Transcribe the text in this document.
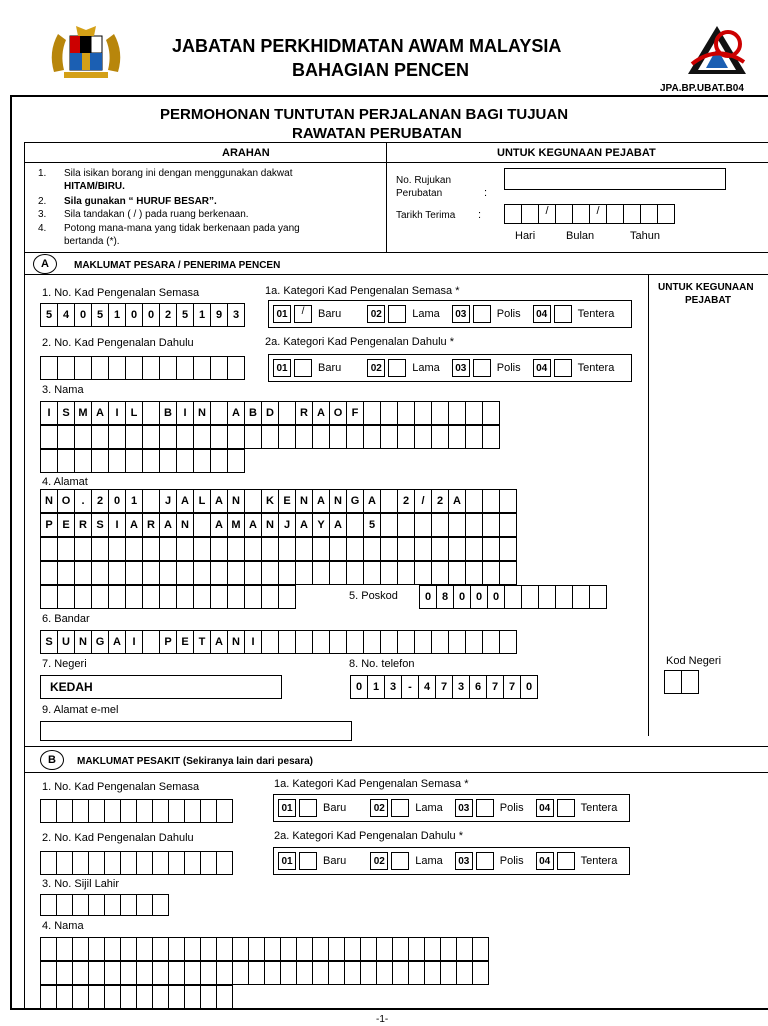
JABATAN PERKHIDMATAN AWAM MALAYSIA
BAHAGIAN PENCEN
JPA.BP.UBAT.B04
PERMOHONAN TUNTUTAN PERJALANAN BAGI TUJUAN
RAWATAN PERUBATAN
ARAHAN	UNTUK KEGUNAAN PEJABAT
1. Sila isikan borang ini dengan menggunakan dakwat
HITAM/BIRU.
2. Sila gunakan “ HURUF BESAR”.
3. Sila tandakan ( / ) pada ruang berkenaan.
4. Potong mana-mana yang tidak berkenaan pada yang
bertanda (*).
No. Rujukan
Perubatan	:
Tarikh Terima :	/	/
Hari	Bulan	Tahun
A	MAKLUMAT PESARA / PENERIMA PENCEN
UNTUK KEGUNAAN
PEJABAT
Kod Negeri
1. No. Kad Pengenalan Semasa
5 4 0 5 1 0 0 2 5 1 9 3
1a. Kategori Kad Pengenalan Semasa *
01	/	Baru	02	Lama	03	Polis	04	Tentera
2. No. Kad Pengenalan Dahulu	2a. Kategori Kad Pengenalan Dahulu *
01	Baru	02	Lama	03	Polis	04	Tentera
3. Nama
I	S M A	I	L	B	I	N	A B D	R A O F
4. Alamat
N O	.	2 0 1	J A L A N	K E N A N G A	2	/	2 A
P E R S	I	A R A N	A M A N J A Y A	5
5. Poskod	0 8 0 0 0
6. Bandar
S U N G A	I	P E T A N	I
7. Negeri
KEDAH
8. No. telefon
0 1 3	-	4 7 3 6 7 7 0
9. Alamat e-mel
B	MAKLUMAT PESAKIT (Sekiranya lain dari pesara)
1. No. Kad Pengenalan Semasa	1a. Kategori Kad Pengenalan Semasa *
01	Baru	02	Lama	03	Polis	04	Tentera
2. No. Kad Pengenalan Dahulu	2a. Kategori Kad Pengenalan Dahulu *
01	Baru	02	Lama	03	Polis	04	Tentera
3. No. Sijil Lahir
4. Nama
-1-
